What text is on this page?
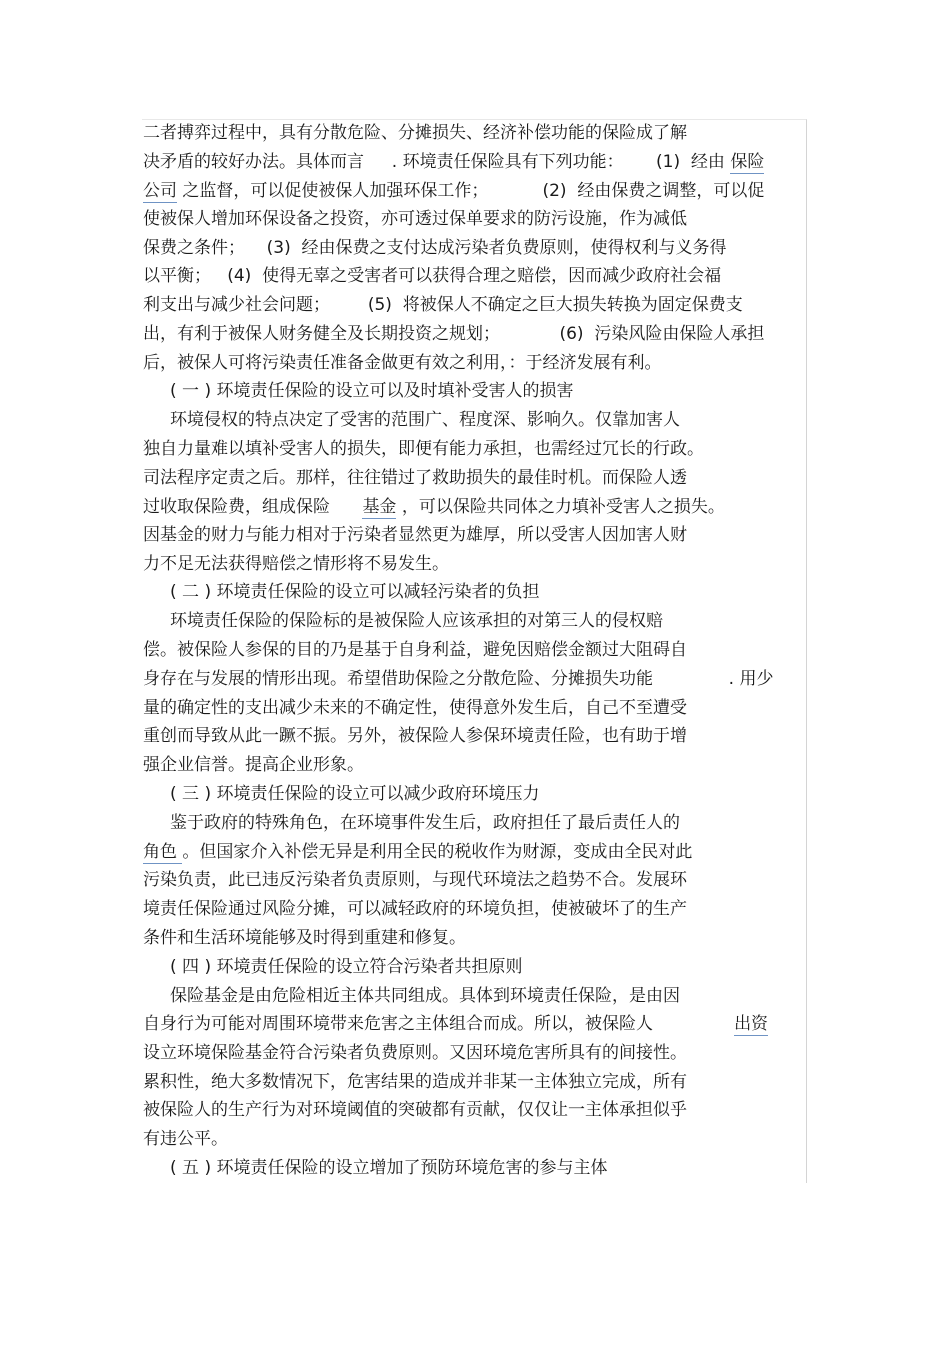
二者搏弈过程中，具有分散危险、分摊损失、经济补偿功能的保险成了解

决矛盾的较好办法。具体而言　  . 环境责任保险具有下列功能：      (1)  经由 保险

公司 之监督，可以促使被保人加强环保工作；          (2)  经由保费之调整，可以促

使被保人增加环保设备之投资，亦可透过保单要求的防污设施，作为减低

保费之条件；    (3)  经由保费之支付达成污染者负费原则，使得权利与义务得

以平衡；   (4)  使得无辜之受害者可以获得合理之赔偿，因而减少政府社会福

利支出与减少社会问题；       (5)  将被保人不确定之巨大损失转换为固定保费支

出，有利于被保人财务健全及长期投资之规划；           (6)  污染风险由保险人承担

后，被保人可将污染责任准备金做更有效之利用，：于经济发展有利。

( 一 ) 环境责任保险的设立可以及时填补受害人的损害

环境侵权的特点决定了受害的范围广、程度深、影响久。仅靠加害人

独自力量难以填补受害人的损失，即便有能力承担，也需经过冗长的行政。

司法程序定责之后。那样，往往错过了救助损失的最佳时机。而保险人透

过收取保险费，组成保险 基金 ，可以保险共同体之力填补受害人之损失。

因基金的财力与能力相对于污染者显然更为雄厚，所以受害人因加害人财

力不足无法获得赔偿之情形将不易发生。

( 二 ) 环境责任保险的设立可以减轻污染者的负担

环境责任保险的保险标的是被保险人应该承担的对第三人的侵权赔

偿。被保险人参保的目的乃是基于自身利益，避免因赔偿金额过大阻碍自

身存在与发展的情形出现。希望借助保险之分散危险、分摊损失功能              . 用少

量的确定性的支出减少未来的不确定性，使得意外发生后，自己不至遭受

重创而导致从此一蹶不振。另外，被保险人参保环境责任险，也有助于增

强企业信誉。提高企业形象。

( 三 ) 环境责任保险的设立可以减少政府环境压力

鉴于政府的特殊角色，在环境事件发生后，政府担任了最后责任人的

角色 。但国家介入补偿无异是利用全民的税收作为财源，变成由全民对此

污染负责，此已违反污染者负责原则，与现代环境法之趋势不合。发展环

境责任保险通过风险分摊，可以减轻政府的环境负担，使被破坏了的生产

条件和生活环境能够及时得到重建和修复。

( 四 ) 环境责任保险的设立符合污染者共担原则

保险基金是由危险相近主体共同组成。具体到环境责任保险，是由因

自身行为可能对周围环境带来危害之主体组合而成。所以，被保险人	出资

设立环境保险基金符合污染者负费原则。又因环境危害所具有的间接性。

累积性，绝大多数情况下，危害结果的造成并非某一主体独立完成，所有

被保险人的生产行为对环境阈值的突破都有贡献，仅仅让一主体承担似乎

有违公平。

( 五 ) 环境责任保险的设立增加了预防环境危害的参与主体
